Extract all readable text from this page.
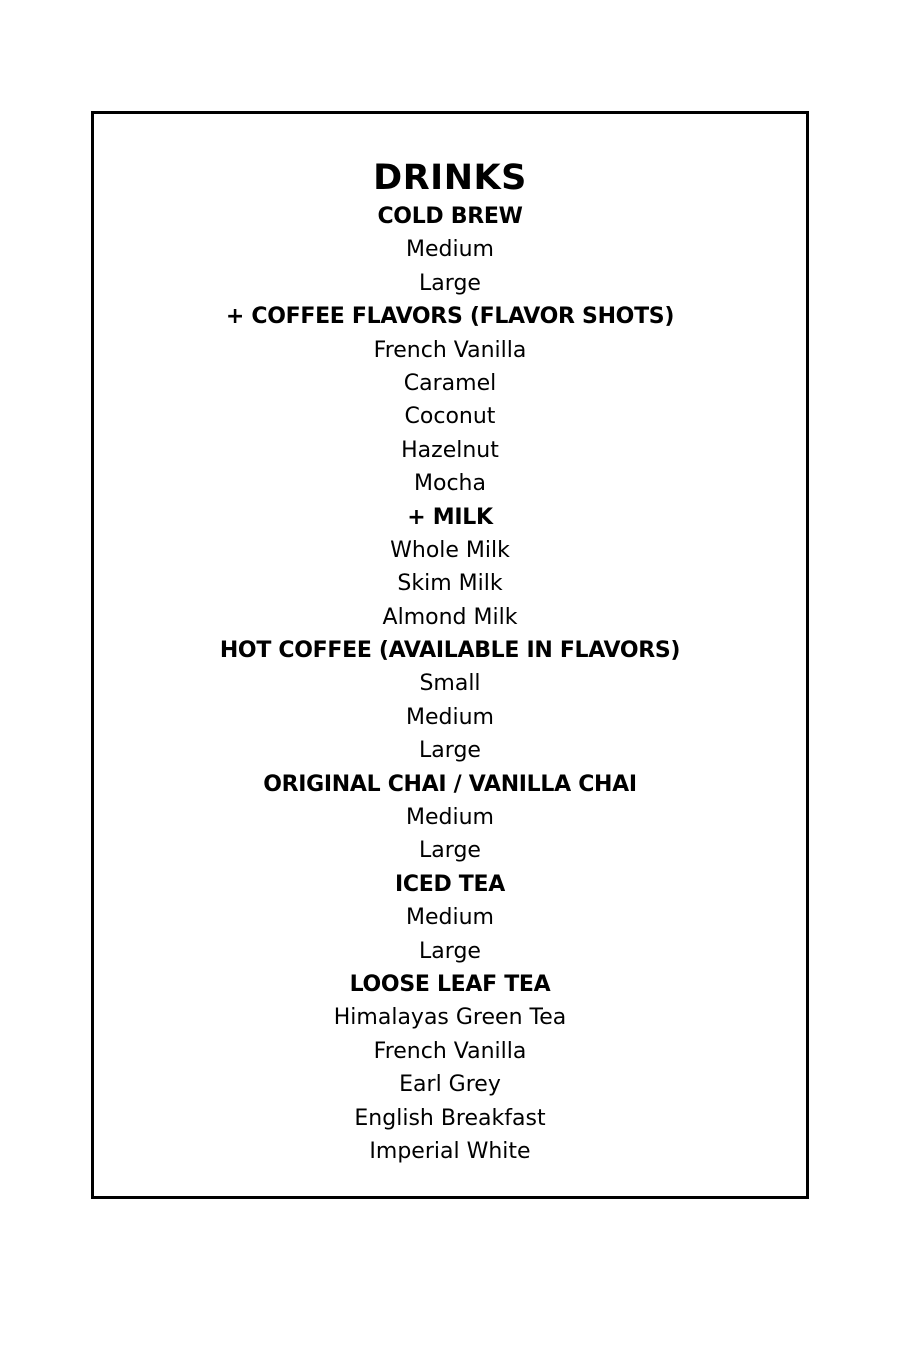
DRINKS
COLD BREW
Medium
Large
+ COFFEE FLAVORS (FLAVOR SHOTS)
French Vanilla
Caramel
Coconut
Hazelnut
Mocha
+ MILK
Whole Milk
Skim Milk
Almond Milk
HOT COFFEE (AVAILABLE IN FLAVORS)
Small
Medium
Large
ORIGINAL CHAI / VANILLA CHAI
Medium
Large
ICED TEA
Medium
Large
LOOSE LEAF TEA
Himalayas Green Tea
French Vanilla
Earl Grey
English Breakfast
Imperial White
